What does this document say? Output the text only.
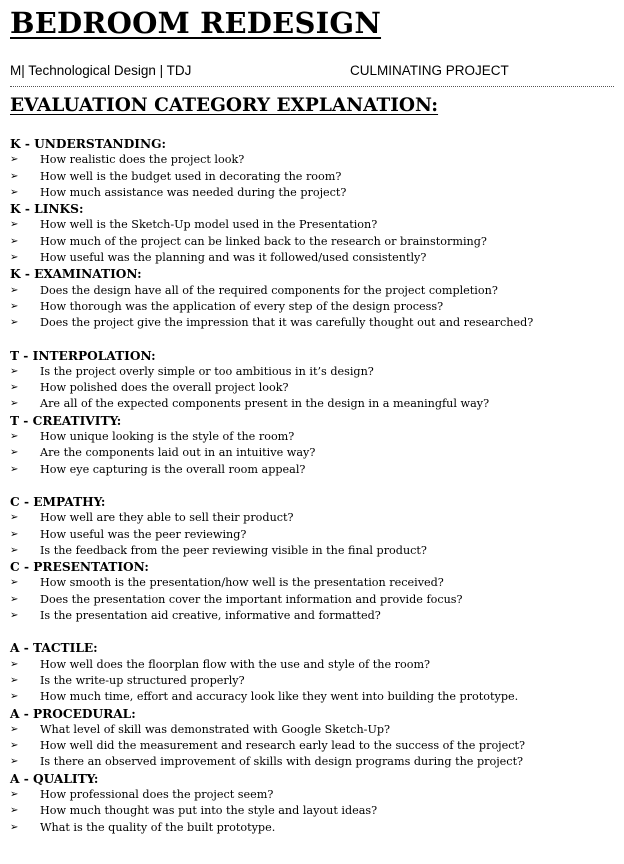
BEDROOM REDESIGN
M| Technological Design | TDJ	CULMINATING PROJECT
EVALUATION CATEGORY EXPLANATION:
K - UNDERSTANDING:
➢ How realistic does the project look?
➢ How well is the budget used in decorating the room?
➢ How much assistance was needed during the project?
K - LINKS:
➢ How well is the Sketch-Up model used in the Presentation?
➢ How much of the project can be linked back to the research or brainstorming?
➢ How useful was the planning and was it followed/used consistently?
K - EXAMINATION:
➢ Does the design have all of the required components for the project completion?
➢ How thorough was the application of every step of the design process?
➢ Does the project give the impression that it was carefully thought out and researched?
T - INTERPOLATION:
➢ Is the project overly simple or too ambitious in it’s design?
➢ How polished does the overall project look?
➢ Are all of the expected components present in the design in a meaningful way?
T - CREATIVITY:
➢ How unique looking is the style of the room?
➢ Are the components laid out in an intuitive way?
➢ How eye capturing is the overall room appeal?
C - EMPATHY:
➢ How well are they able to sell their product?
➢ How useful was the peer reviewing?
➢ Is the feedback from the peer reviewing visible in the final product?
C - PRESENTATION:
➢ How smooth is the presentation/how well is the presentation received?
➢ Does the presentation cover the important information and provide focus?
➢ Is the presentation aid creative, informative and formatted?
A - TACTILE:
➢ How well does the floorplan flow with the use and style of the room?
➢ Is the write-up structured properly?
➢ How much time, effort and accuracy look like they went into building the prototype.
A - PROCEDURAL:
➢ What level of skill was demonstrated with Google Sketch-Up?
➢ How well did the measurement and research early lead to the success of the project?
➢ Is there an observed improvement of skills with design programs during the project?
A - QUALITY:
➢ How professional does the project seem?
➢ How much thought was put into the style and layout ideas?
➢ What is the quality of the built prototype.
